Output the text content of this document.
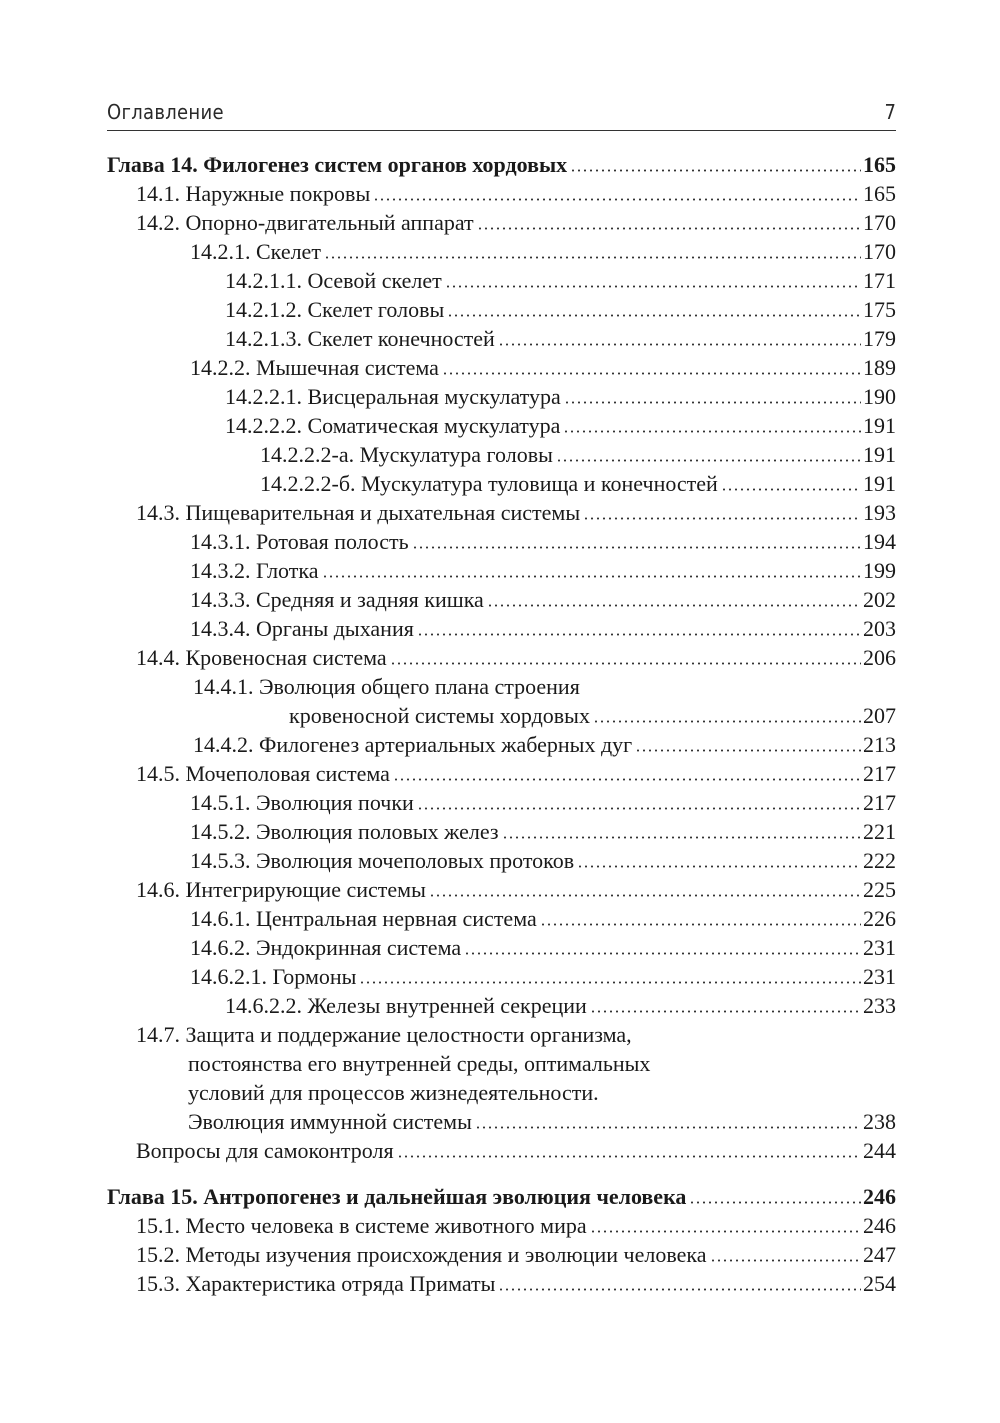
Оглавление	7
Глава 14. Филогенез систем органов хордовых	165
14.1. Наружные покровы	165
14.2. Опорно-двигательный аппарат	170
14.2.1. Скелет	170
14.2.1.1. Осевой скелет	171
14.2.1.2. Скелет головы	175
14.2.1.3. Скелет конечностей	179
14.2.2. Мышечная система	189
14.2.2.1. Висцеральная мускулатура	190
14.2.2.2. Соматическая мускулатура	191
14.2.2.2-а. Мускулатура головы	191
14.2.2.2-б. Мускулатура туловища и конечностей	191
14.3. Пищеварительная и дыхательная системы	193
14.3.1. Ротовая полость	194
14.3.2. Глотка	199
14.3.3. Средняя и задняя кишка	202
14.3.4. Органы дыхания	203
14.4. Кровеносная система	206
14.4.1. Эволюция общего плана строения
кровеносной системы хордовых	207
14.4.2. Филогенез артериальных жаберных дуг	213
14.5. Мочеполовая система	217
14.5.1. Эволюция почки	217
14.5.2. Эволюция половых желез	221
14.5.3. Эволюция мочеполовых протоков	222
14.6. Интегрирующие системы	225
14.6.1. Центральная нервная система	226
14.6.2. Эндокринная система	231
14.6.2.1. Гормоны	231
14.6.2.2. Железы внутренней секреции	233
14.7. Защита и поддержание целостности организма,
постоянства его внутренней среды, оптимальных
условий для процессов жизнедеятельности.
Эволюция иммунной системы	238
Вопросы для самоконтроля	244
Глава 15. Антропогенез и дальнейшая эволюция человека	246
15.1. Место человека в системе животного мира	246
15.2. Методы изучения происхождения и эволюции человека	247
15.3. Характеристика отряда Приматы	254
